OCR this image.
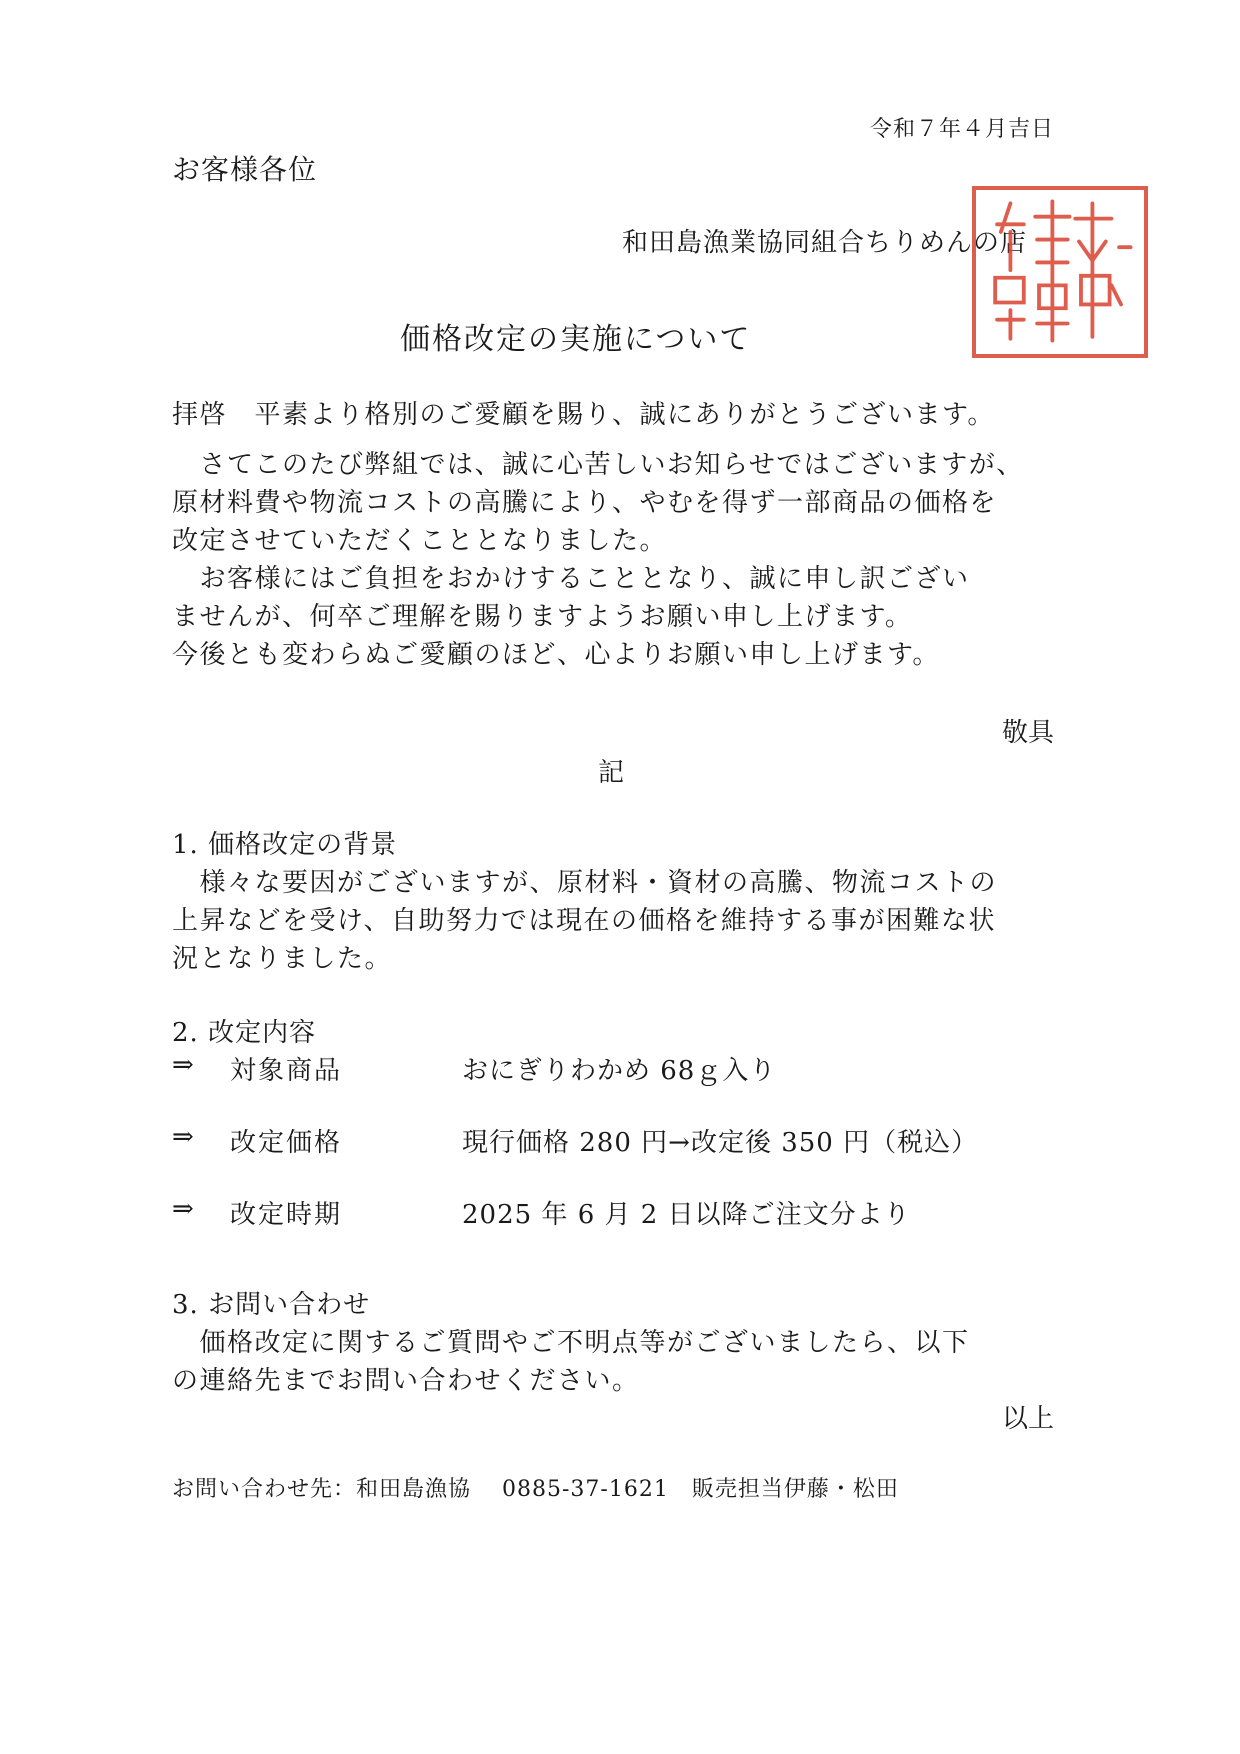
令和７年４月吉日
お客様各位
和田島漁業協同組合ちりめんの店
価格改定の実施について
拝啓　平素より格別のご愛顧を賜り、誠にありがとうございます。
　さてこのたび弊組では、誠に心苦しいお知らせではございますが、
原材料費や物流コストの高騰により、やむを得ず一部商品の価格を
改定させていただくこととなりました。
　お客様にはご負担をおかけすることとなり、誠に申し訳ござい
ませんが、何卒ご理解を賜りますようお願い申し上げます。
今後とも変わらぬご愛顧のほど、心よりお願い申し上げます。
敬具
記
1. 価格改定の背景
　様々な要因がございますが、原材料・資材の高騰、物流コストの
上昇などを受け、自助努力では現在の価格を維持する事が困難な状
況となりました。
2. 改定内容
⇒ 対象商品	おにぎりわかめ 68ｇ入り
⇒ 改定価格	現行価格 280 円→改定後 350 円（税込）
⇒ 改定時期	2025 年 6 月 2 日以降ご注文分より
3. お問い合わせ
　価格改定に関するご質問やご不明点等がございましたら、以下
の連絡先までお問い合わせください。
以上
お問い合わせ先：和田島漁協　 0885-37-1621　販売担当伊藤・松田
